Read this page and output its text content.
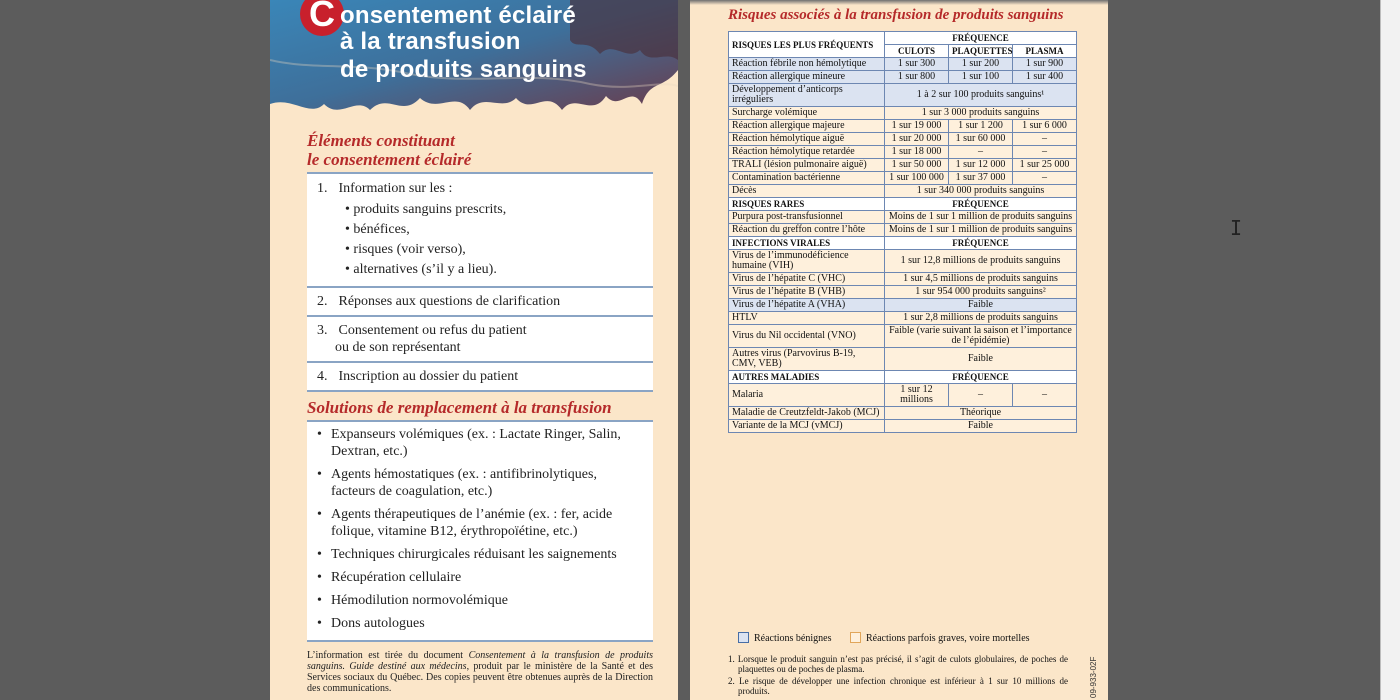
C onsentement éclairé
à la transfusion
de produits sanguins
Éléments constituant
le consentement éclairé
1. Information sur les :
• produits sanguins prescrits,
• bénéfices,
• risques (voir verso),
• alternatives (s’il y a lieu).
2. Réponses aux questions de clarification
3. Consentement ou refus du patient
ou de son représentant
4. Inscription au dossier du patient
Solutions de remplacement à la transfusion
• Expanseurs volémiques (ex. : Lactate Ringer, Salin, Dextran, etc.)
• Agents hémostatiques (ex. : antifibrinolytiques, facteurs de coagulation, etc.)
• Agents thérapeutiques de l’anémie (ex. : fer, acide folique, vitamine B12, érythropoïétine, etc.)
• Techniques chirurgicales réduisant les saignements
• Récupération cellulaire
• Hémodilution normovolémique
• Dons autologues
L’information est tirée du document Consentement à la transfusion de produits sanguins. Guide destiné aux médecins, produit par le ministère de la Santé et des Services sociaux du Québec. Des copies peuvent être obtenues auprès de la Direction des communications.
Risques associés à la transfusion de produits sanguins
RISQUES LES PLUS FRÉQUENTS	FRÉQUENCE		
	CULOTS	PLAQUETTES	PLASMA
Réaction fébrile non hémolytique	1 sur 300	1 sur 200	1 sur 900
Réaction allergique mineure	1 sur 800	1 sur 100	1 sur 400
Développement d’anticorps irréguliers	1 à 2 sur 100 produits sanguins¹		
Surcharge volémique	1 sur 3 000 produits sanguins		
Réaction allergique majeure	1 sur 19 000	1 sur 1 200	1 sur 6 000
Réaction hémolytique aiguë	1 sur 20 000	1 sur 60 000	–
Réaction hémolytique retardée	1 sur 18 000	–	–
TRALI (lésion pulmonaire aiguë)	1 sur 50 000	1 sur 12 000	1 sur 25 000
Contamination bactérienne	1 sur 100 000	1 sur 37 000	–
Décès	1 sur 340 000 produits sanguins		
RISQUES RARES	FRÉQUENCE		
Purpura post-transfusionnel	Moins de 1 sur 1 million de produits sanguins		
Réaction du greffon contre l’hôte	Moins de 1 sur 1 million de produits sanguins		
INFECTIONS VIRALES	FRÉQUENCE		
Virus de l’immunodéficience humaine (VIH)	1 sur 12,8 millions de produits sanguins		
Virus de l’hépatite C (VHC)	1 sur 4,5 millions de produits sanguins		
Virus de l’hépatite B (VHB)	1 sur 954 000 produits sanguins²		
Virus de l’hépatite A (VHA)	Faible		
HTLV	1 sur 2,8 millions de produits sanguins		
Virus du Nil occidental (VNO)	Faible (varie suivant la saison et l’importance de l’épidémie)		
Autres virus (Parvovirus B-19, CMV, VEB)	Faible		
AUTRES MALADIES	FRÉQUENCE		
Malaria	1 sur 12 millions	–	–
Maladie de Creutzfeldt-Jakob (MCJ)	Théorique		
Variante de la MCJ (vMCJ)	Faible		
Réactions bénignes	Réactions parfois graves, voire mortelles
1. Lorsque le produit sanguin n’est pas précisé, il s’agit de culots globulaires, de poches de plaquettes ou de poches de plasma.
2. Le risque de développer une infection chronique est inférieur à 1 sur 10 millions de produits.	09-933-02F
I
